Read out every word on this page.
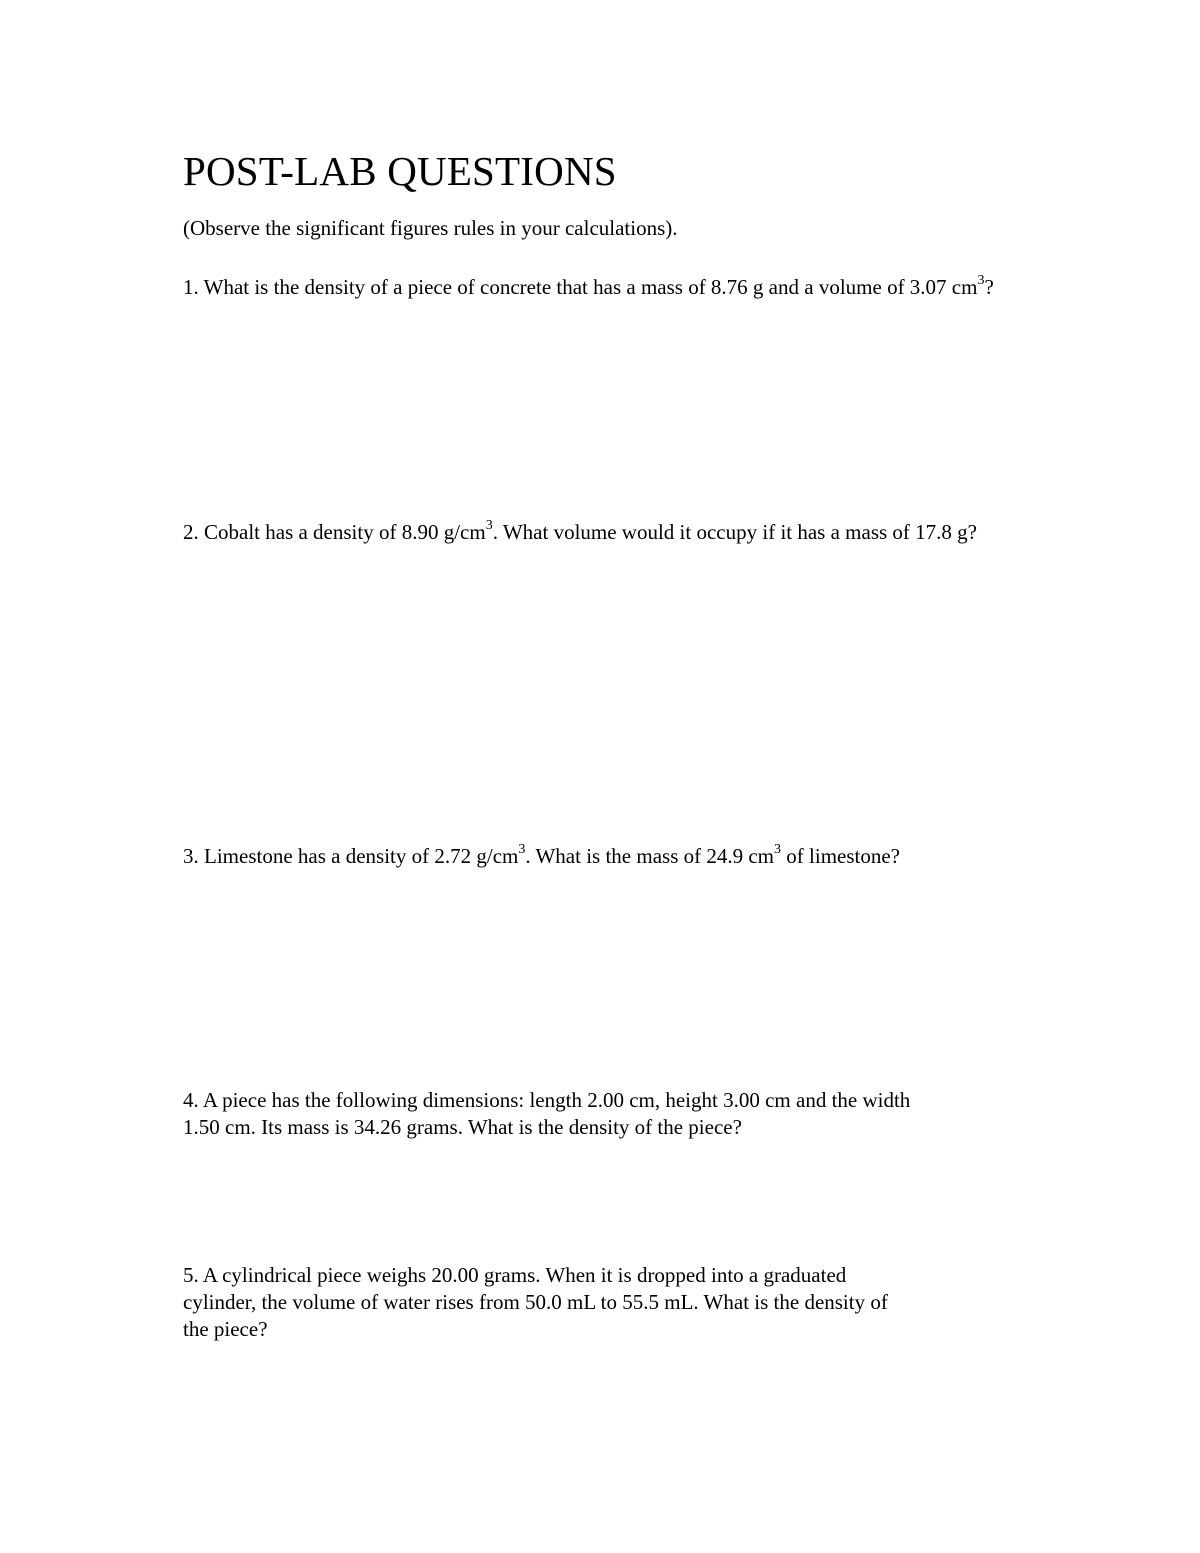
POST-LAB QUESTIONS

(Observe the significant figures rules in your calculations).

1. What is the density of a piece of concrete that has a mass of 8.76 g and a volume of 3.07 $cm^3$?

2. Cobalt has a density of 8.90 $g/cm^3$. What volume would it occupy if it has a mass of 17.8 g?

3. Limestone has a density of 2.72 $g/cm^3$. What is the mass of 24.9 $cm^3$ of limestone?

4. A piece has the following dimensions: length 2.00 cm, height 3.00 cm and the width
1.50 cm. Its mass is 34.26 grams. What is the density of the piece?
5. A cylindrical piece weighs 20.00 grams. When it is dropped into a graduated
cylinder, the volume of water rises from 50.0 mL to 55.5 mL. What is the density of
the piece?
